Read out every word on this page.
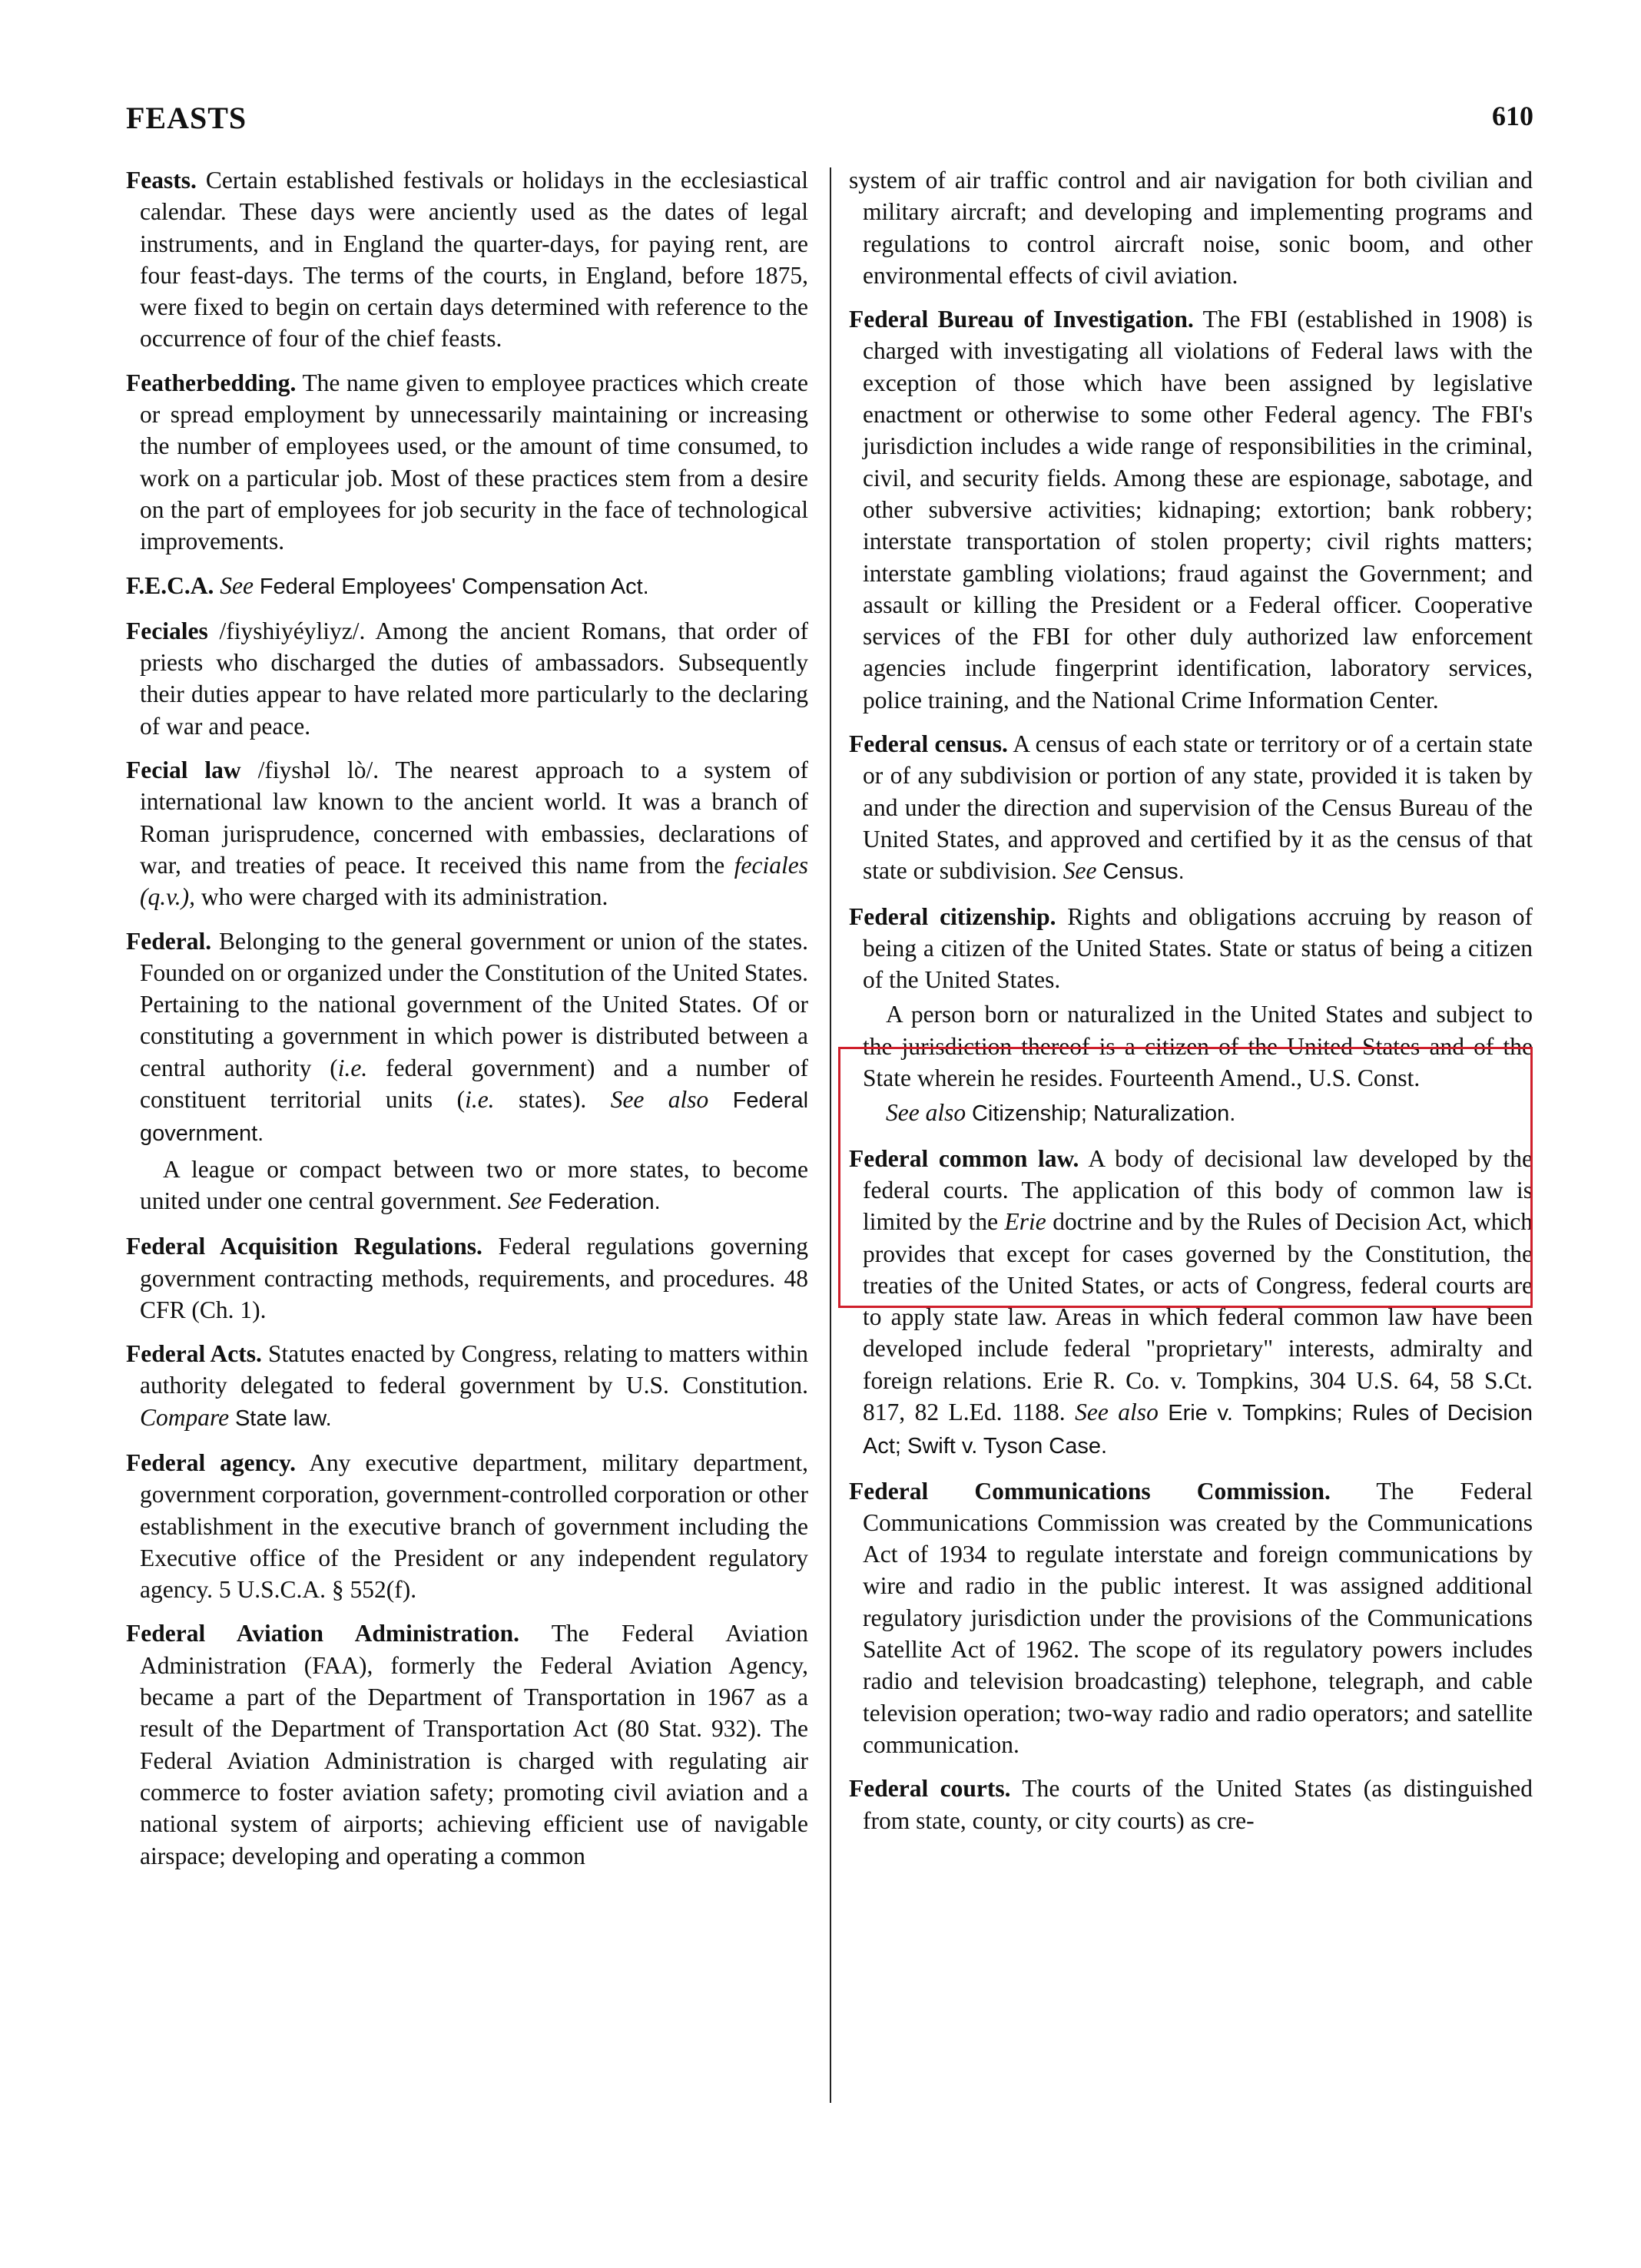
FEASTS	610

Feasts. Certain established festivals or holidays in the ecclesiastical calendar. These days were anciently used as the dates of legal instruments, and in England the quarter-days, for paying rent, are four feast-days. The terms of the courts, in England, before 1875, were fixed to begin on certain days determined with reference to the occurrence of four of the chief feasts.

Featherbedding. The name given to employee practices which create or spread employment by unnecessarily maintaining or increasing the number of employees used, or the amount of time consumed, to work on a particular job. Most of these practices stem from a desire on the part of employees for job security in the face of technological improvements.

F.E.C.A. See Federal Employees' Compensation Act.

Feciales /fiyshiyéyliyz/. Among the ancient Romans, that order of priests who discharged the duties of ambassadors. Subsequently their duties appear to have related more particularly to the declaring of war and peace.

Fecial law /fiyshəl lò/. The nearest approach to a system of international law known to the ancient world. It was a branch of Roman jurisprudence, concerned with embassies, declarations of war, and treaties of peace. It received this name from the feciales (q.v.), who were charged with its administration.

Federal. Belonging to the general government or union of the states. Founded on or organized under the Constitution of the United States. Pertaining to the national government of the United States. Of or constituting a government in which power is distributed between a central authority (i.e. federal government) and a number of constituent territorial units (i.e. states). See also Federal government.

A league or compact between two or more states, to become united under one central government. See Federation.

Federal Acquisition Regulations. Federal regulations governing government contracting methods, requirements, and procedures. 48 CFR (Ch. 1).

Federal Acts. Statutes enacted by Congress, relating to matters within authority delegated to federal government by U.S. Constitution. Compare State law.

Federal agency. Any executive department, military department, government corporation, government-controlled corporation or other establishment in the executive branch of government including the Executive office of the President or any independent regulatory agency. 5 U.S.C.A. § 552(f).

Federal Aviation Administration. The Federal Aviation Administration (FAA), formerly the Federal Aviation Agency, became a part of the Department of Transportation in 1967 as a result of the Department of Transportation Act (80 Stat. 932). The Federal Aviation Administration is charged with regulating air commerce to foster aviation safety; promoting civil aviation and a national system of airports; achieving efficient use of navigable airspace; developing and operating a common

system of air traffic control and air navigation for both civilian and military aircraft; and developing and implementing programs and regulations to control aircraft noise, sonic boom, and other environmental effects of civil aviation.

Federal Bureau of Investigation. The FBI (established in 1908) is charged with investigating all violations of Federal laws with the exception of those which have been assigned by legislative enactment or otherwise to some other Federal agency. The FBI's jurisdiction includes a wide range of responsibilities in the criminal, civil, and security fields. Among these are espionage, sabotage, and other subversive activities; kidnaping; extortion; bank robbery; interstate transportation of stolen property; civil rights matters; interstate gambling violations; fraud against the Government; and assault or killing the President or a Federal officer. Cooperative services of the FBI for other duly authorized law enforcement agencies include fingerprint identification, laboratory services, police training, and the National Crime Information Center.

Federal census. A census of each state or territory or of a certain state or of any subdivision or portion of any state, provided it is taken by and under the direction and supervision of the Census Bureau of the United States, and approved and certified by it as the census of that state or subdivision. See Census.

Federal citizenship. Rights and obligations accruing by reason of being a citizen of the United States. State or status of being a citizen of the United States.

A person born or naturalized in the United States and subject to the jurisdiction thereof is a citizen of the United States and of the State wherein he resides. Fourteenth Amend., U.S. Const.

See also Citizenship; Naturalization.

Federal common law. A body of decisional law developed by the federal courts. The application of this body of common law is limited by the Erie doctrine and by the Rules of Decision Act, which provides that except for cases governed by the Constitution, the treaties of the United States, or acts of Congress, federal courts are to apply state law. Areas in which federal common law have been developed include federal "proprietary" interests, admiralty and foreign relations. Erie R. Co. v. Tompkins, 304 U.S. 64, 58 S.Ct. 817, 82 L.Ed. 1188. See also Erie v. Tompkins; Rules of Decision Act; Swift v. Tyson Case.

Federal Communications Commission. The Federal Communications Commission was created by the Communications Act of 1934 to regulate interstate and foreign communications by wire and radio in the public interest. It was assigned additional regulatory jurisdiction under the provisions of the Communications Satellite Act of 1962. The scope of its regulatory powers includes radio and television broadcasting) telephone, telegraph, and cable television operation; two-way radio and radio operators; and satellite communication.

Federal courts. The courts of the United States (as distinguished from state, county, or city courts) as cre-
